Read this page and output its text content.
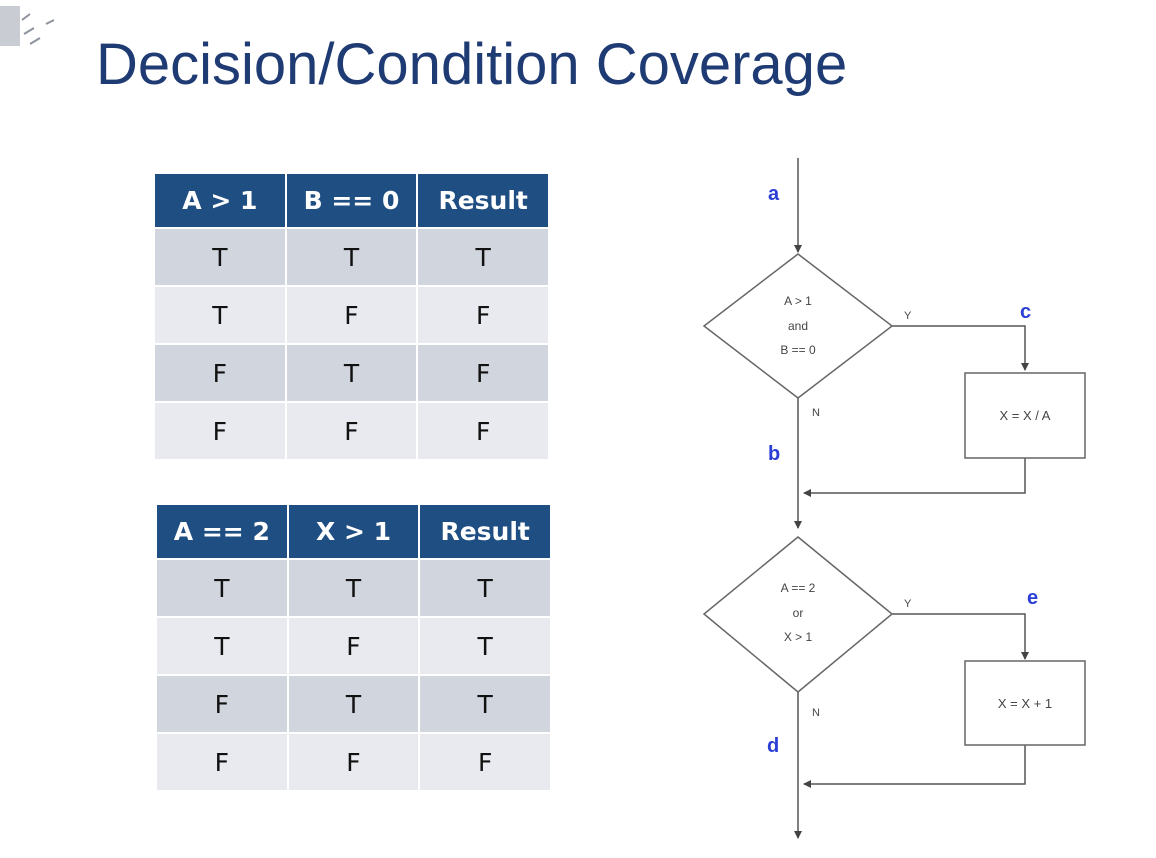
Decision/Condition Coverage
A > 1	B == 0	Result
T	T	T
T	F	F
F	T	F
F	F	F
A == 2	X > 1	Result
T	T	T
T	F	T
F	T	T
F	F	F
A > 1
and
B == 0
Y
N	X = X / A
A == 2
or
X > 1
Y
N
X = X + 1
a
b
c
d
e
